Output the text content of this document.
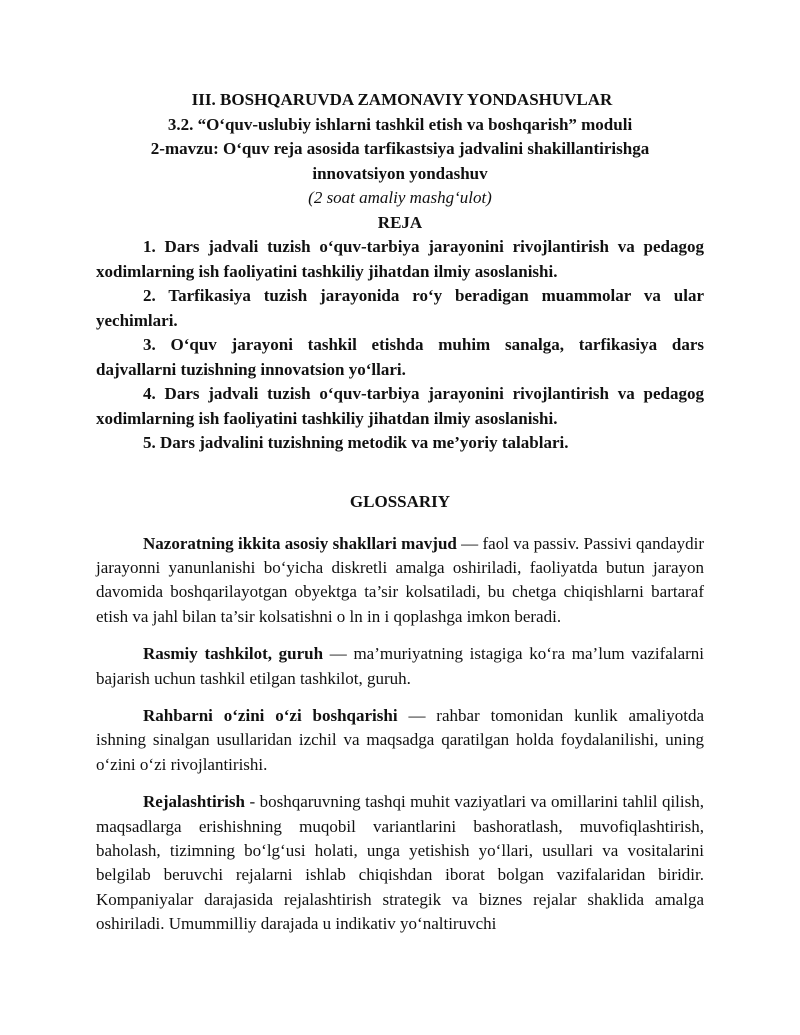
III. BOSHQARUVDA ZAMONAVIY YONDASHUVLAR
3.2. “O‘quv-uslubiy ishlarni tashkil etish va boshqarish” moduli
2-mavzu: O‘quv reja asosida tarfikastsiya jadvalini shakillantirishga
innovatsiyon yondashuv
(2 soat amaliy mashg‘ulot)
REJA

1. Dars jadvali tuzish o‘quv-tarbiya jarayonini rivojlantirish va pedagog xodimlarning ish faoliyatini tashkiliy jihatdan ilmiy asoslanishi.

2. Tarfikasiya tuzish jarayonida ro‘y beradigan muammolar va ular yechimlari.

3. O‘quv jarayoni tashkil etishda muhim sanalga, tarfikasiya dars dajvallarni tuzishning innovatsion yo‘llari.

4. Dars jadvali tuzish o‘quv-tarbiya jarayonini rivojlantirish va pedagog xodimlarning ish faoliyatini tashkiliy jihatdan ilmiy asoslanishi.

5. Dars jadvalini tuzishning metodik va me’yoriy talablari.

GLOSSARIY

Nazoratning ikkita asosiy shakllari mavjud — faol va passiv. Passivi qandaydir jarayonni yanunlanishi bo‘yicha diskretli amalga oshiriladi, faoliyatda butun jarayon davomida boshqarilayotgan obyektga ta’sir kolsatiladi, bu chetga chiqishlarni bartaraf etish va jahl bilan ta’sir kolsatishni o ln in i qoplashga imkon beradi.

Rasmiy tashkilot, guruh — ma’muriyatning istagiga ko‘ra ma’lum vazifalarni bajarish uchun tashkil etilgan tashkilot, guruh.

Rahbarni o‘zini o‘zi boshqarishi — rahbar tomonidan kunlik amaliyotda ishning sinalgan usullaridan izchil va maqsadga qaratilgan holda foydalanilishi, uning o‘zini o‘zi rivojlantirishi.

Rejalashtirish - boshqaruvning tashqi muhit vaziyatlari va omillarini tahlil qilish, maqsadlarga erishishning muqobil variantlarini bashoratlash, muvofiqlashtirish, baholash, tizimning bo‘lg‘usi holati, unga yetishish yo‘llari, usullari va vositalarini belgilab beruvchi rejalarni ishlab chiqishdan iborat bolgan vazifalaridan biridir. Kompaniyalar darajasida rejalashtirish strategik va biznes rejalar shaklida amalga oshiriladi. Umummilliy darajada u indikativ yo‘naltiruvchi
